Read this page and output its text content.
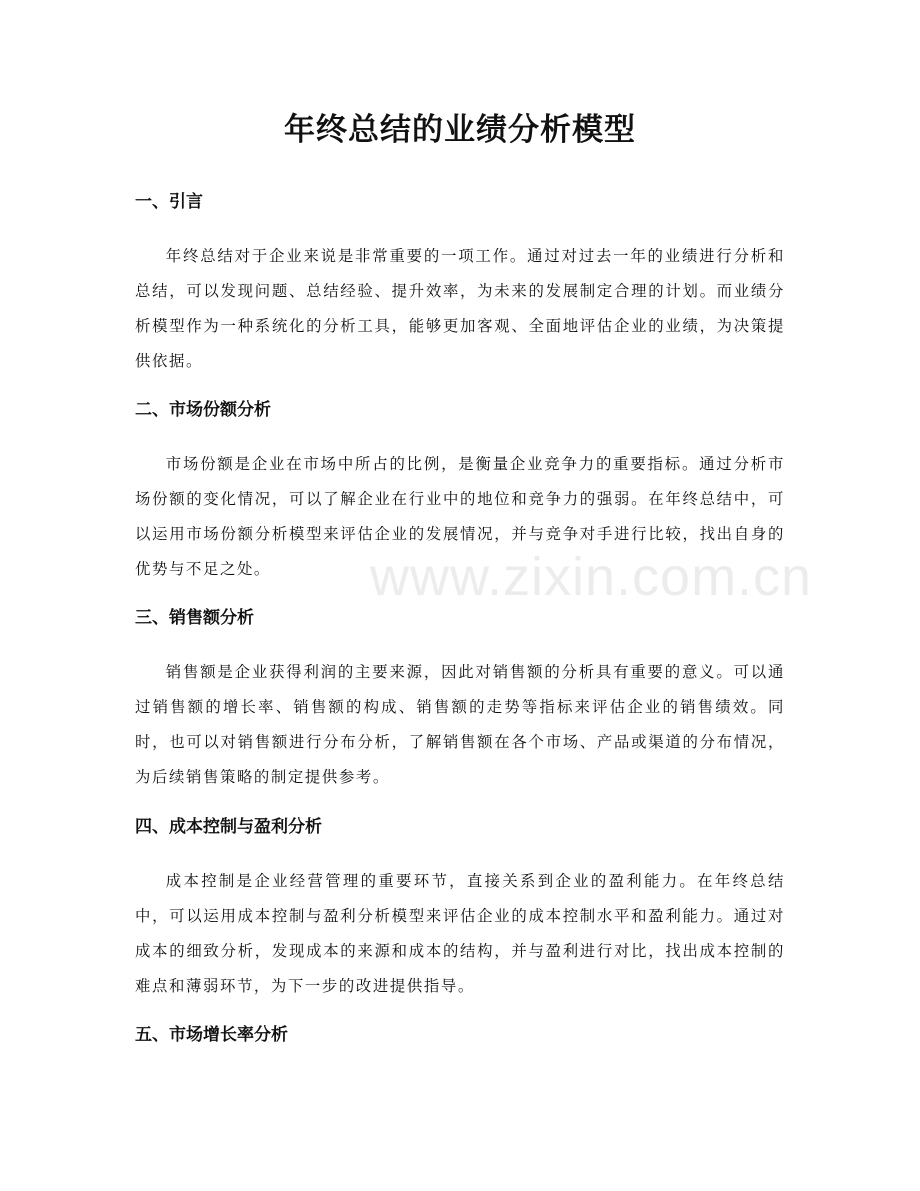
年终总结的业绩分析模型
一、引言

年终总结对于企业来说是非常重要的一项工作。通过对过去一年的业绩进行分析和总结，可以发现问题、总结经验、提升效率，为未来的发展制定合理的计划。而业绩分析模型作为一种系统化的分析工具，能够更加客观、全面地评估企业的业绩，为决策提供依据。

二、市场份额分析

市场份额是企业在市场中所占的比例，是衡量企业竞争力的重要指标。通过分析市场份额的变化情况，可以了解企业在行业中的地位和竞争力的强弱。在年终总结中，可以运用市场份额分析模型来评估企业的发展情况，并与竞争对手进行比较，找出自身的优势与不足之处。

三、销售额分析

销售额是企业获得利润的主要来源，因此对销售额的分析具有重要的意义。可以通过销售额的增长率、销售额的构成、销售额的走势等指标来评估企业的销售绩效。同时，也可以对销售额进行分布分析，了解销售额在各个市场、产品或渠道的分布情况，为后续销售策略的制定提供参考。

四、成本控制与盈利分析

成本控制是企业经营管理的重要环节，直接关系到企业的盈利能力。在年终总结中，可以运用成本控制与盈利分析模型来评估企业的成本控制水平和盈利能力。通过对成本的细致分析，发现成本的来源和成本的结构，并与盈利进行对比，找出成本控制的难点和薄弱环节，为下一步的改进提供指导。

五、市场增长率分析
www.zixin.com.cn
